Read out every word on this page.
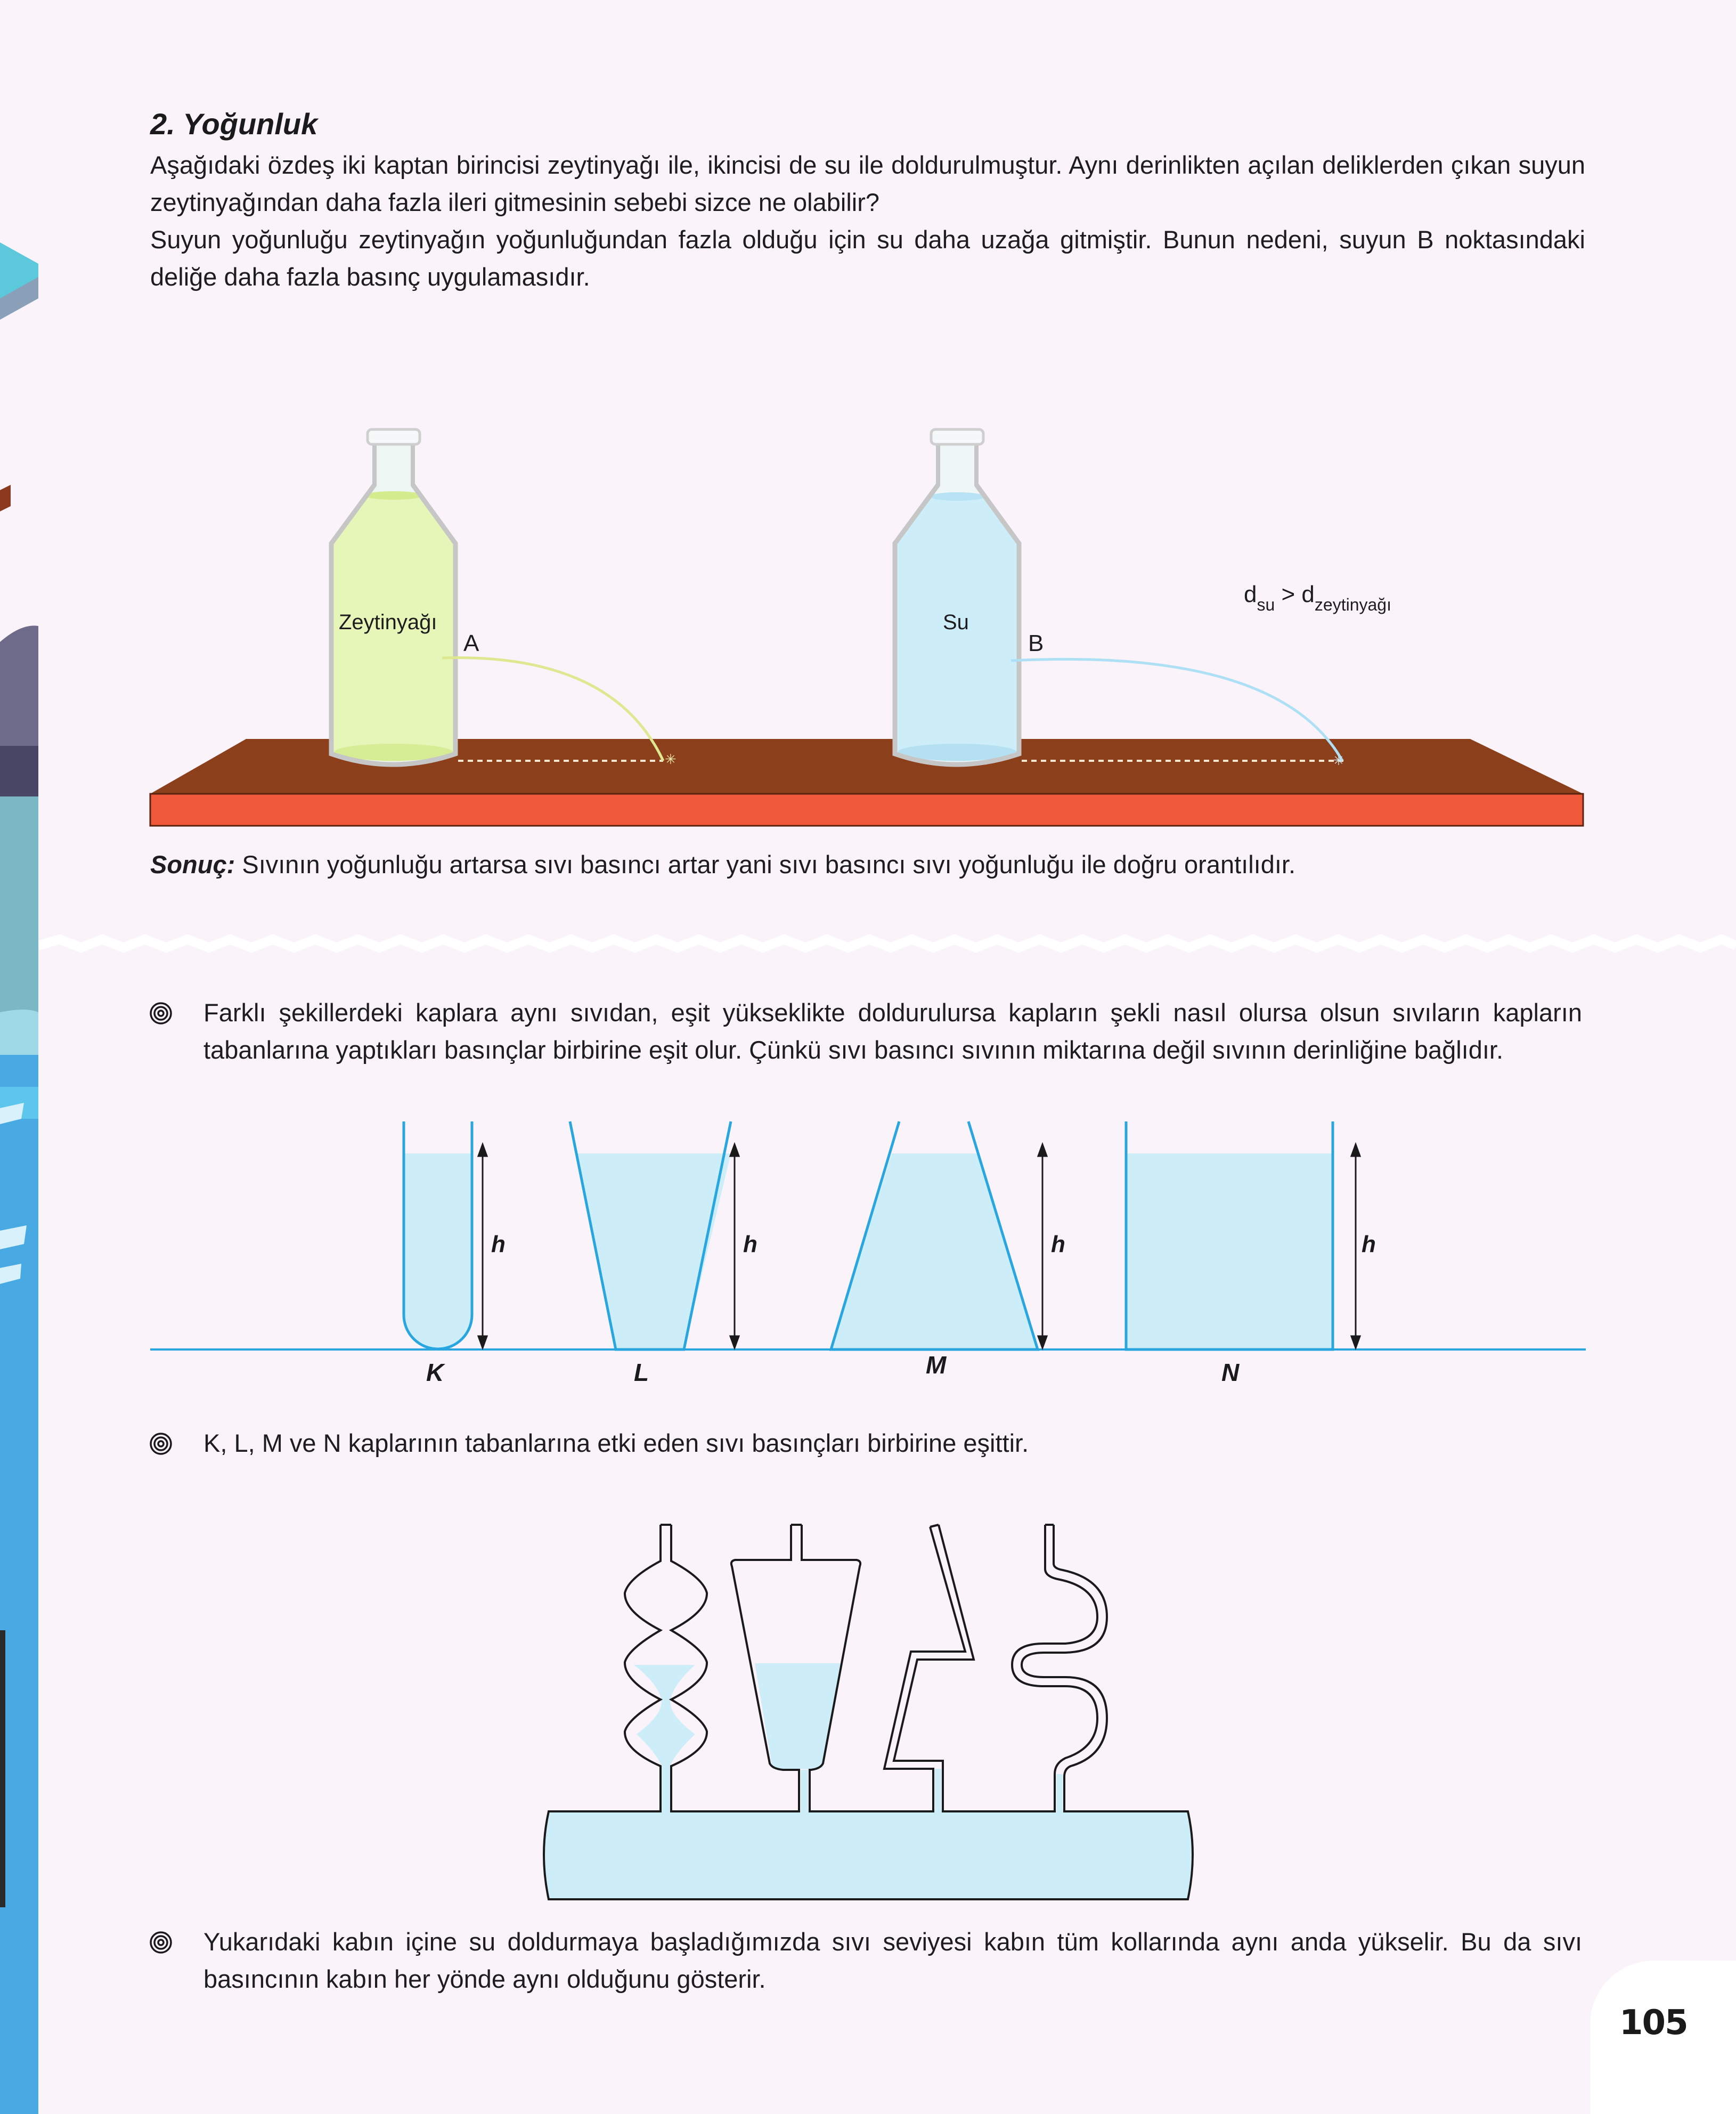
2. Yoğunluk
Aşağıdaki özdeş iki kaptan birincisi zeytinyağı ile, ikincisi de su ile doldurulmuştur. Aynı derinlikten açılan deliklerden çıkan suyun zeytinyağından daha fazla ileri gitmesinin sebebi sizce ne olabilir?
Suyun yoğunluğu zeytinyağın yoğunluğundan fazla olduğu için su daha uzağa gitmiştir. Bunun nedeni, suyun B noktasındaki deliğe daha fazla basınç uygulamasıdır.
✳	✳
Zeytinyağı
A
Su
B
$d_{su} > d_{zeytinyağı}$
Sonuç: Sıvının yoğunluğu artarsa sıvı basıncı artar yani sıvı basıncı sıvı yoğunluğu ile doğru orantılıdır.
Farklı şekillerdeki kaplara aynı sıvıdan, eşit yükseklikte doldurulursa kapların şekli nasıl olursa olsun sıvıların kapların tabanlarına yaptıkları basınçlar birbirine eşit olur. Çünkü sıvı basıncı sıvının miktarına değil sıvının derinliğine bağlıdır.
h	h	h	h
K	L	M	N
K, L, M ve N kaplarının tabanlarına etki eden sıvı basınçları birbirine eşittir.
Yukarıdaki kabın içine su doldurmaya başladığımızda sıvı seviyesi kabın tüm kollarında aynı anda yükselir. Bu da sıvı basıncının kabın her yönde aynı olduğunu gösterir.
105
